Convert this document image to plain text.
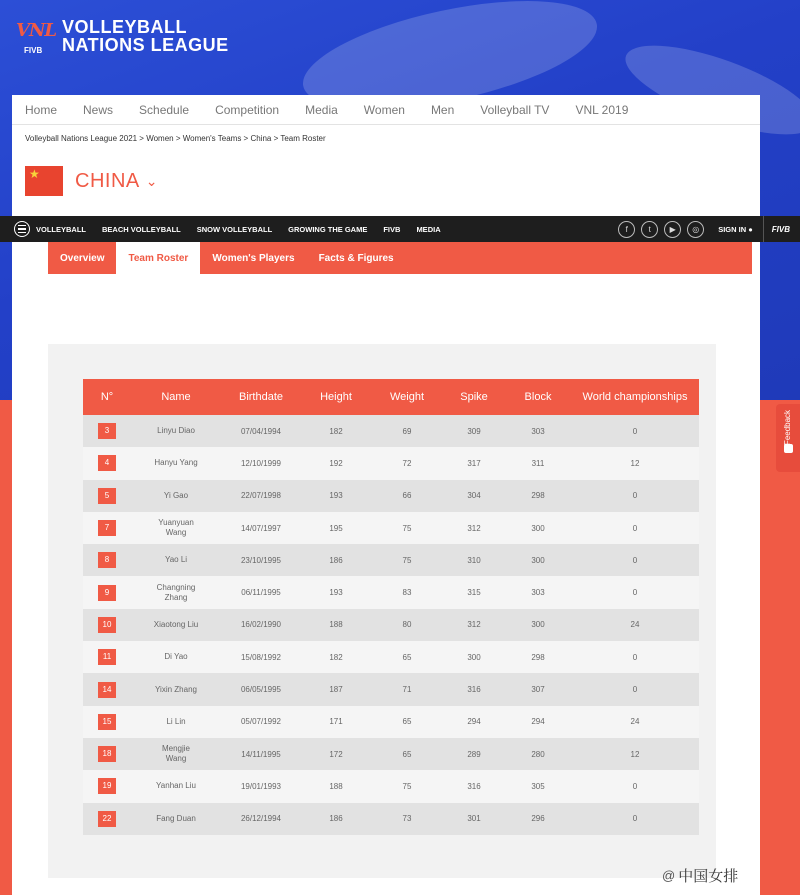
VNL
FIVB
VOLLEYBALL
NATIONS LEAGUE
Home News Schedule Competition Media Women Men Volleyball TV VNL 2019
Volleyball Nations League 2021 > Women > Women's Teams > China > Team Roster
★ CHINA ⌄
VOLLEYBALL BEACH VOLLEYBALL SNOW VOLLEYBALL GROWING THE GAME FIVB MEDIA	f	t	▶	◎	SIGN IN ●	FIVB
Overview	Team Roster	Women's Players	Facts & Figures
N°	Name	Birthdate	Height	Weight	Spike	Block	World championships
3	Linyu Diao	07/04/1994	182	69	309	303	0
4	Hanyu Yang	12/10/1999	192	72	317	311	12
5	Yi Gao	22/07/1998	193	66	304	298	0
7	Yuanyuan Wang	14/07/1997	195	75	312	300	0
8	Yao Li	23/10/1995	186	75	310	300	0
9	Changning Zhang	06/11/1995	193	83	315	303	0
10	Xiaotong Liu	16/02/1990	188	80	312	300	24
11	Di Yao	15/08/1992	182	65	300	298	0
14	Yixin Zhang	06/05/1995	187	71	316	307	0
15	Li Lin	05/07/1992	171	65	294	294	24
18	Mengjie Wang	14/11/1995	172	65	289	280	12
19	Yanhan Liu	19/01/1993	188	75	316	305	0
22	Fang Duan	26/12/1994	186	73	301	296	0
Feedback
@ 中国女排
